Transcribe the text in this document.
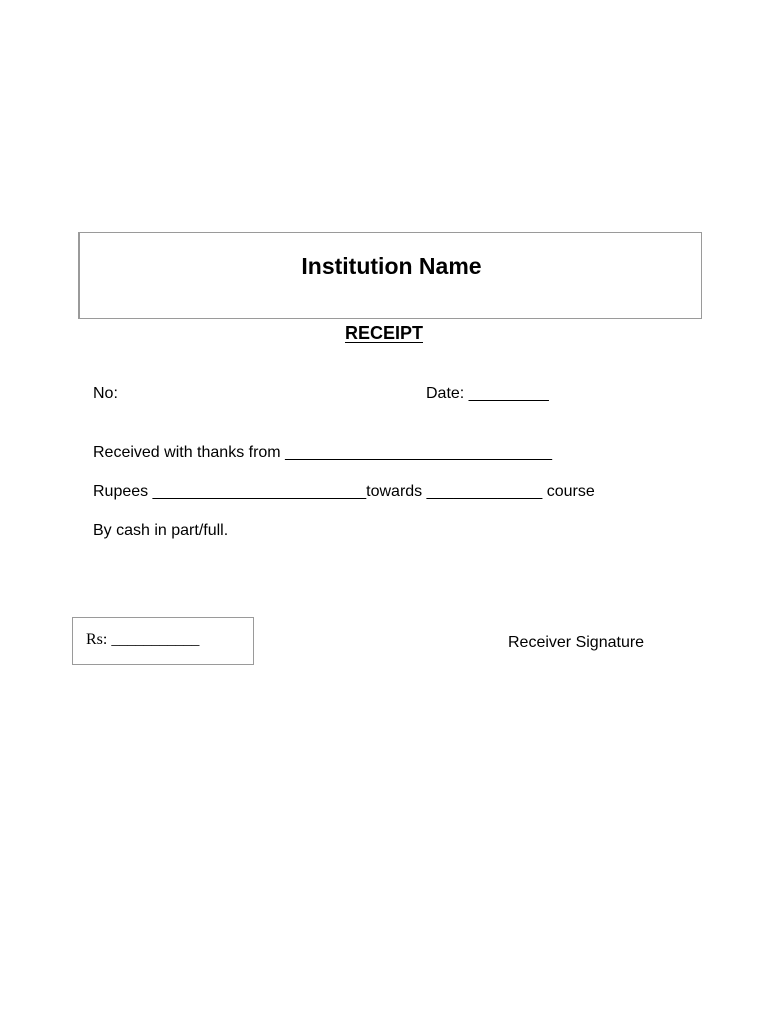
Institution Name
RECEIPT
No:	Date: _________
Received with thanks from ______________________________
Rupees ________________________towards _____________ course
By cash in part/full.
Rs: ___________	Receiver Signature
